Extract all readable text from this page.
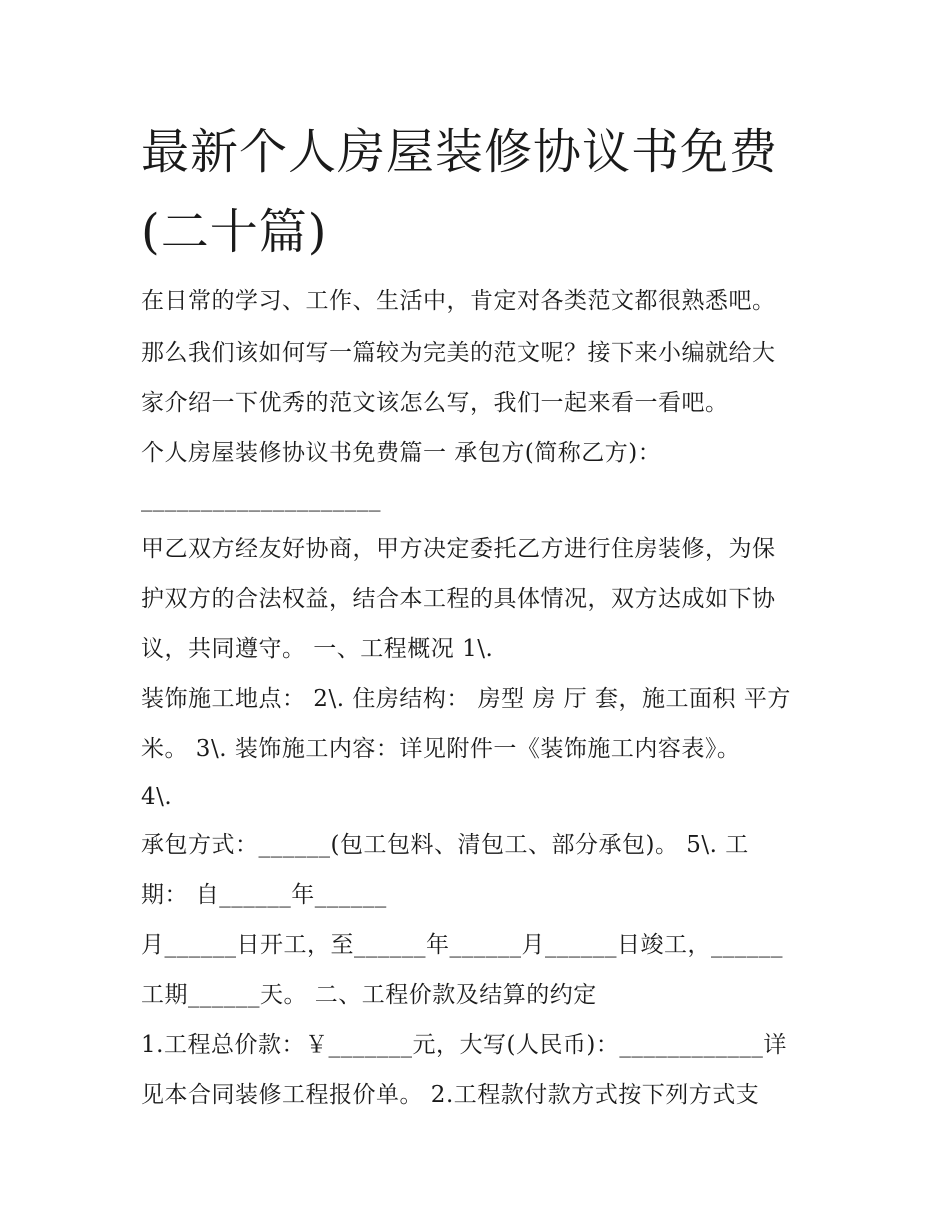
最新个人房屋装修协议书免费
(二十篇)
在日常的学习、工作、生活中，肯定对各类范文都很熟悉吧。
那么我们该如何写一篇较为完美的范文呢？接下来小编就给大
家介绍一下优秀的范文该怎么写，我们一起来看一看吧。
个人房屋装修协议书免费篇一 承包方(简称乙方)：
____________________
甲乙双方经友好协商，甲方决定委托乙方进行住房装修，为保
护双方的合法权益，结合本工程的具体情况，双方达成如下协
议，共同遵守。 一、工程概况 1\.
装饰施工地点： 2\. 住房结构： 房型 房 厅 套，施工面积 平方
米。 3\. 装饰施工内容：详见附件一《装饰施工内容表》。
4\.
承包方式：______(包工包料、清包工、部分承包)。 5\. 工
期： 自______年______
月______日开工，至______年______月______日竣工，______
工期______天。 二、工程价款及结算的约定
1.工程总价款：￥_______元，大写(人民币)：____________详
见本合同装修工程报价单。 2.工程款付款方式按下列方式支
